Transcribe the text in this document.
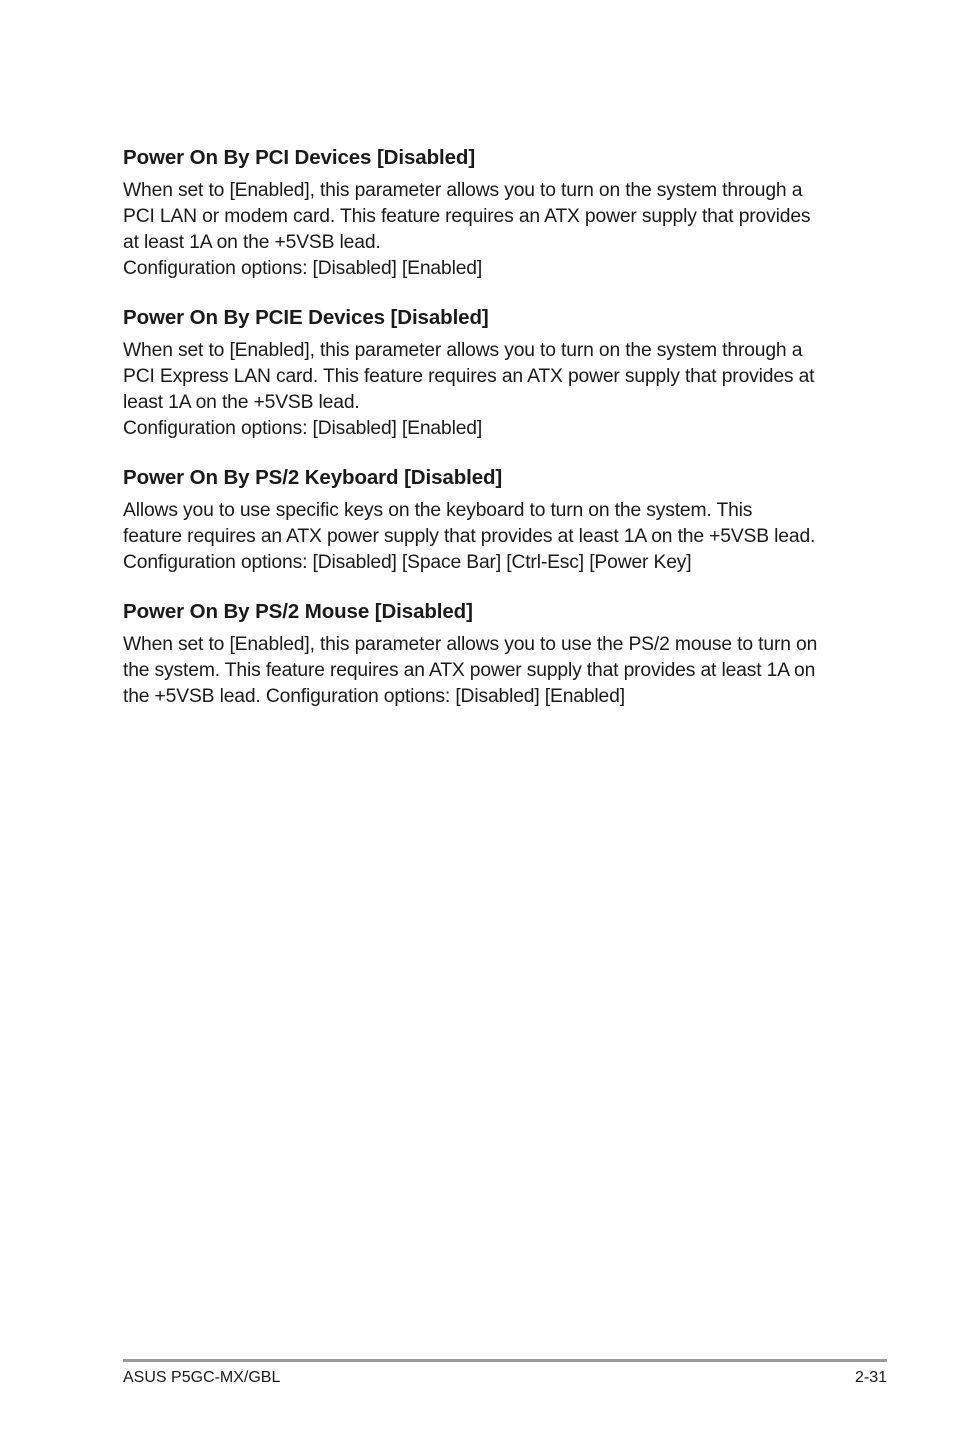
Power On By PCI Devices [Disabled]

When set to [Enabled], this parameter allows you to turn on the system through a
PCI LAN or modem card. This feature requires an ATX power supply that provides
at least 1A on the +5VSB lead.
Configuration options: [Disabled] [Enabled]

Power On By PCIE Devices [Disabled]

When set to [Enabled], this parameter allows you to turn on the system through a
PCI Express LAN card. This feature requires an ATX power supply that provides at
least 1A on the +5VSB lead.
Configuration options: [Disabled] [Enabled]

Power On By PS/2 Keyboard [Disabled]

Allows you to use specific keys on the keyboard to turn on the system. This
feature requires an ATX power supply that provides at least 1A on the +5VSB lead.
Configuration options: [Disabled] [Space Bar] [Ctrl-Esc] [Power Key]

Power On By PS/2 Mouse [Disabled]

When set to [Enabled], this parameter allows you to use the PS/2 mouse to turn on
the system. This feature requires an ATX power supply that provides at least 1A on
the +5VSB lead. Configuration options: [Disabled] [Enabled]

ASUS P5GC-MX/GBL	2-31
